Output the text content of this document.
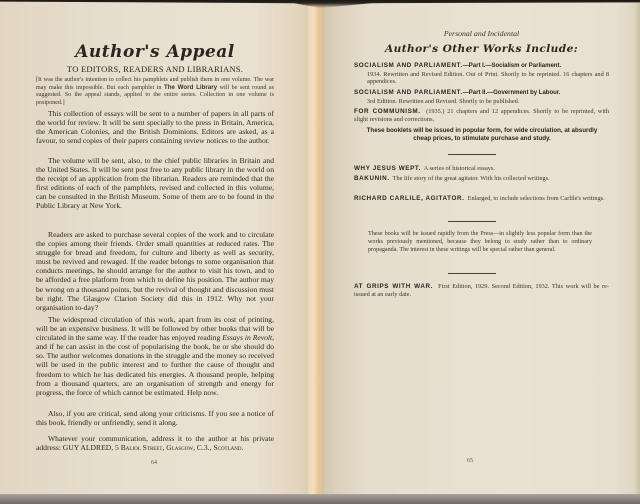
Author's Appeal
TO EDITORS, READERS AND LIBRARIANS.
[It was the author's intention to collect his pamphlets and publish them in one volume. The war may make this impossible. But each pamphlet in The Word Library will be sent round as suggested. So the appeal stands, applied to the entire series. Collection in one volume is postponed.]
This collection of essays will be sent to a number of papers in all parts of the world for review. It will be sent specially to the press in Britain, America, the American Colonies, and the British Dominions. Editors are asked, as a favour, to send copies of their papers containing review notices to the author.
The volume will be sent, also, to the chief public libraries in Britain and the United States. It will be sent post free to any public library in the world on the receipt of an application from the librarian. Readers are reminded that the first editions of each of the pamphlets, revised and collected in this volume, can be consulted in the British Museum. Some of them are to be found in the Public Library at New York.
Readers are asked to purchase several copies of the work and to circulate the copies among their friends. Order small quantities at reduced rates. The struggle for bread and freedom, for culture and liberty as well as security, must be revived and rewaged. If the reader belongs to some organisation that conducts meetings, he should arrange for the author to visit his town, and to be afforded a free platform from which to define his position. The author may be wrong on a thousand points, but the revival of thought and discussion must be right. The Glasgow Clarion Society did this in 1912. Why not your organisation to-day?
The widespread circulation of this work, apart from its cost of printing, will be an expensive business. It will be followed by other books that will be circulated in the same way. If the reader has enjoyed reading Essays in Revolt, and if he can assist in the cost of popularising the book, he or she should do so. The author welcomes donations in the struggle and the money so received will be used in the public interest and to further the cause of thought and freedom to which he has dedicated his energies. A thousand people, helping from a thousand quarters, are an organisation of strength and energy for progress, the force of which cannot be estimated. Help now.
Also, if you are critical, send along your criticisms. If you see a notice of this book, friendly or unfriendly, send it along.
Whatever your communication, address it to the author at his private address: GUY ALDRED, 5 Baliol Street, Glasgow, C.3., Scotland.
64
Personal and Incidental
Author's Other Works Include:
SOCIALISM AND PARLIAMENT.—Part I.—Socialism or Parliament.
1934. Rewritten and Revised Edition. Out of Print. Shortly to be reprinted. 16 chapters and 8 appendices.
SOCIALISM AND PARLIAMENT.—Part II.—Government by Labour.
3rd Edition. Rewritten and Revised. Shortly to be published.
FOR COMMUNISM. (1935.) 21 chapters and 12 appendices. Shortly to be reprinted, with slight revisions and corrections.
These booklets will be issued in popular form, for wide circulation, at absurdly cheap prices, to stimulate purchase and study.
WHY JESUS WEPT. A series of historical essays.
BAKUNIN. The life story of the great agitator. With his collected writings.
RICHARD CARLILE, AGITATOR. Enlarged, to include selections from Carlile's writings.
These books will be issued rapidly from the Press—in slightly less popular form than the works previously mentioned, because they belong to study rather than to ordinary propaganda. The interest in these writings will be special rather than general.
AT GRIPS WITH WAR. First Edition, 1929. Second Edition, 1932. This work will be re-issued at an early date.
65
